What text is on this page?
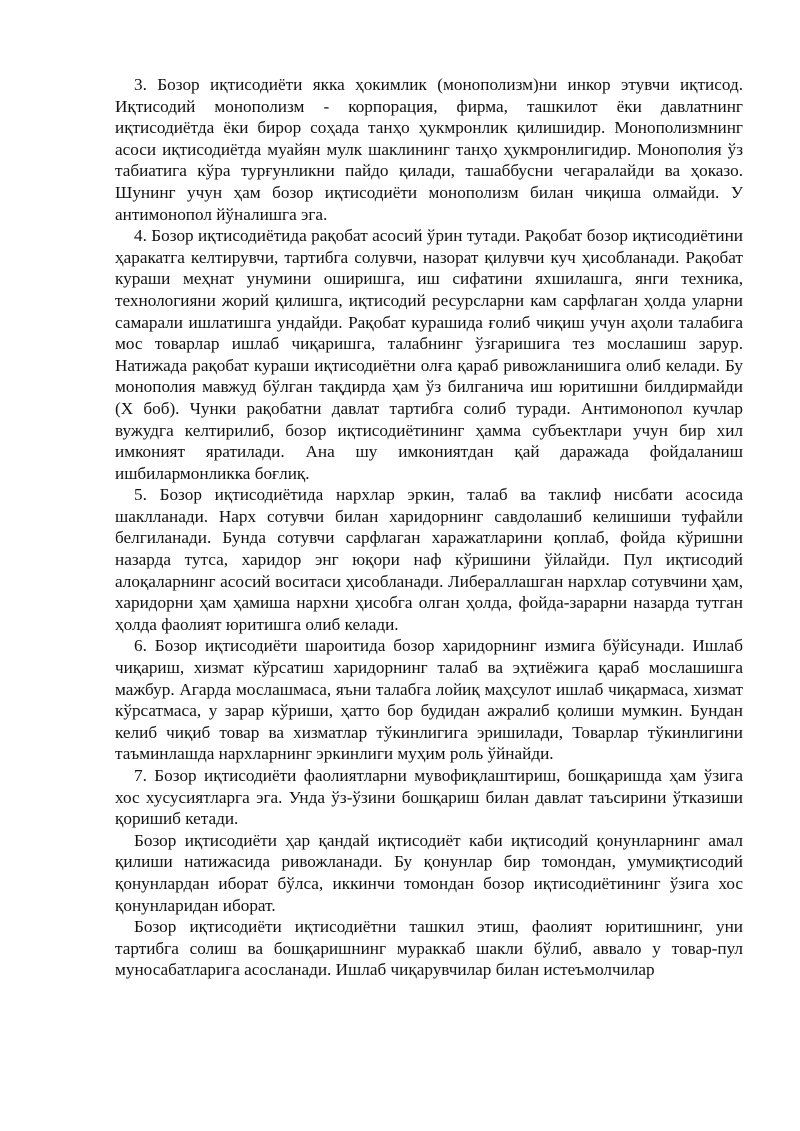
3. Бозор иқтисодиёти якка ҳокимлик (монополизм)ни инкор этувчи иқтисод. Иқтисодий монополизм - корпорация, фирма, ташкилот ёки давлатнинг иқтисодиётда ёки бирор соҳада танҳо ҳукмронлик қилишидир. Монополизмнинг асоси иқтисодиётда муайян мулк шаклининг танҳо ҳукмронлигидир. Монополия ўз табиатига кўра турғунликни пайдо қилади, ташаббусни чегаралайди ва ҳоказо. Шунинг учун ҳам бозор иқтисодиёти монополизм билан чиқиша олмайди. У антимонопол йўналишга эга.

4. Бозор иқтисодиётида рақобат асосий ўрин тутади. Рақобат бозор иқтисодиётини ҳаракатга келтирувчи, тартибга солувчи, назорат қилувчи куч ҳисобланади. Рақобат кураши меҳнат унумини оширишга, иш сифатини яхшилашга, янги техника, технологияни жорий қилишга, иқтисодий ресурсларни кам сарфлаган ҳолда уларни самарали ишлатишга ундайди. Рақобат курашида ғолиб чиқиш учун аҳоли талабига мос товарлар ишлаб чиқаришга, талабнинг ўзгаришига тез мослашиш зарур. Натижада рақобат кураши иқтисодиётни олға қараб ривожланишига олиб келади. Бу монополия мавжуд бўлган тақдирда ҳам ўз билганича иш юритишни билдирмайди (X боб). Чунки рақобатни давлат тартибга солиб туради. Антимонопол кучлар вужудга келтирилиб, бозор иқтисодиётининг ҳамма субъектлари учун бир хил имконият яратилади. Ана шу имкониятдан қай даражада фойдаланиш ишбилармонликка боғлиқ.

5. Бозор иқтисодиётида нархлар эркин, талаб ва таклиф нисбати асосида шаклланади. Нарх сотувчи билан харидорнинг савдолашиб келишиши туфайли белгиланади. Бунда сотувчи сарфлаган харажатларини қоплаб, фойда кўришни назарда тутса, харидор энг юқори наф кўришини ўйлайди. Пул иқтисодий алоқаларнинг асосий воситаси ҳисобланади. Либераллашган нархлар сотувчини ҳам, харидорни ҳам ҳамиша нархни ҳисобга олган ҳолда, фойда-зарарни назарда тутган ҳолда фаолият юритишга олиб келади.

6. Бозор иқтисодиёти шароитида бозор харидорнинг измига бўйсунади. Ишлаб чиқариш, хизмат кўрсатиш харидорнинг талаб ва эҳтиёжига қараб мослашишга мажбур. Агарда мослашмаса, яъни талабга лойиқ маҳсулот ишлаб чиқармаса, хизмат кўрсатмаса, у зарар кўриши, ҳатто бор будидан ажралиб қолиши мумкин. Бундан келиб чиқиб товар ва хизматлар тўкинлигига эришилади, Товарлар тўкинлигини таъминлашда нархларнинг эркинлиги муҳим роль ўйнайди.

7. Бозор иқтисодиёти фаолиятларни мувофиқлаштириш, бошқаришда ҳам ўзига хос хусусиятларга эга. Унда ўз-ўзини бошқариш билан давлат таъсирини ўтказиши қоришиб кетади.

Бозор иқтисодиёти ҳар қандай иқтисодиёт каби иқтисодий қонунларнинг амал қилиши натижасида ривожланади. Бу қонунлар бир томондан, умумиқтисодий қонунлардан иборат бўлса, иккинчи томондан бозор иқтисодиётининг ўзига хос қонунларидан иборат.

Бозор иқтисодиёти иқтисодиётни ташкил этиш, фаолият юритишнинг, уни тартибга солиш ва бошқаришнинг мураккаб шакли бўлиб, аввало у товар-пул муносабатларига асосланади. Ишлаб чиқарувчилар билан истеъмолчилар
